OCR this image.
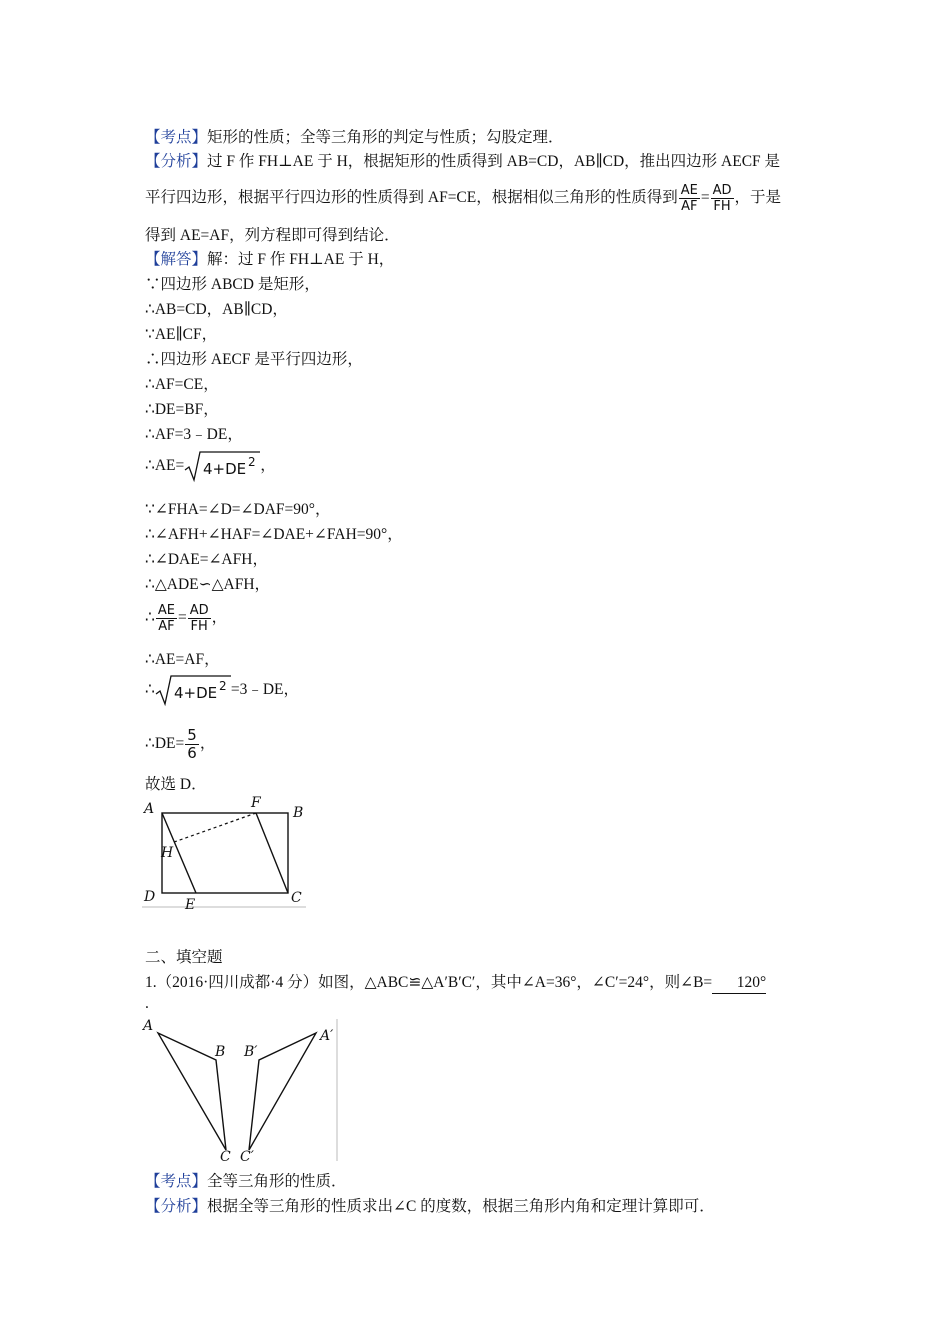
【考点】矩形的性质；全等三角形的判定与性质；勾股定理．
【分析】过 F 作 FH⊥AE 于 H，根据矩形的性质得到 AB=CD，AB∥CD，推出四边形 AECF 是
平行四边形，根据平行四边形的性质得到 AF=CE，根据相似三角形的性质得到 $\frac{AE}{AF} = \frac{AD}{FH}$ ，于是
得到 AE=AF，列方程即可得到结论．
【解答】解：过 F 作 FH⊥AE 于 H，
∵四边形 ABCD 是矩形，
∴AB=CD，AB∥CD，
∵AE∥CF，
∴四边形 AECF 是平行四边形，
∴AF=CE，
∴DE=BF，
∴AF=3﹣DE，
∴AE= 4+DE 2 ，
∵∠FHA=∠D=∠DAF=90°，
∴∠AFH+∠HAF=∠DAE+∠FAH=90°，
∴∠DAE=∠AFH，
∴△ADE∽△AFH，
∴ $\frac{AE}{AF} = \frac{AD}{FH}$ ，
∴AE=AF，
∴ 4+DE 2 =3﹣DE，
∴DE= $\frac{5}{6}$ ，
故选 D．
A	F
B
H
D E	C
二、填空题
1.（2016·四川成都·4 分）如图，△ABC≌△A′B′C′，其中∠A=36°，∠C′=24°，则∠B= 120°
.
A
B
C
B′
A′
C′
【考点】全等三角形的性质．
【分析】根据全等三角形的性质求出∠C 的度数，根据三角形内角和定理计算即可．
